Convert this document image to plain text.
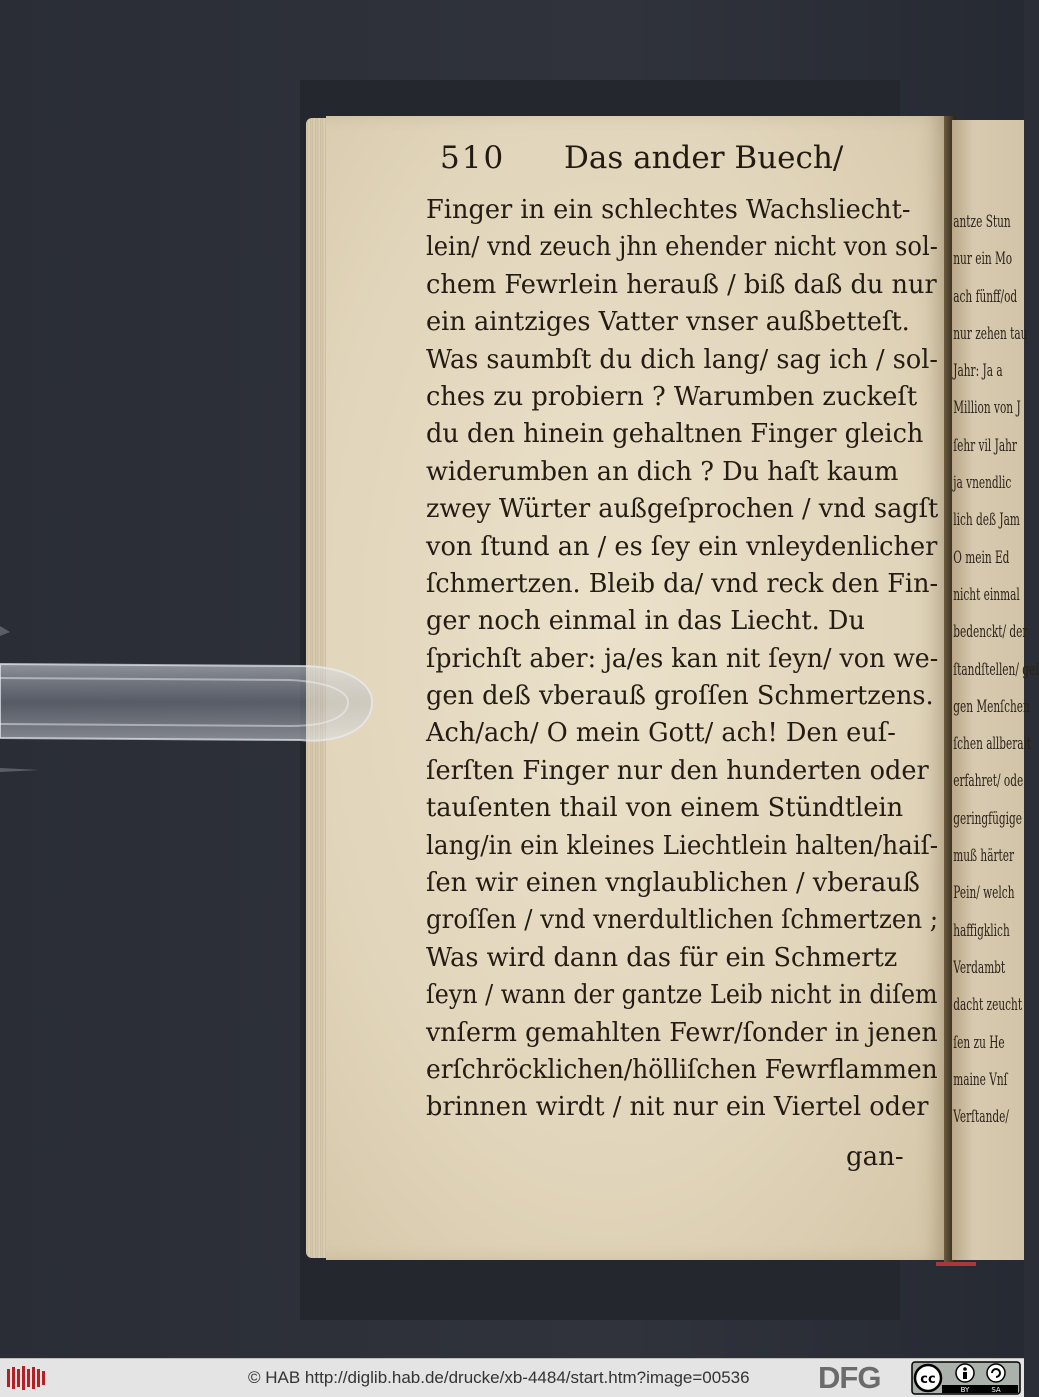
antze Stun
nur ein Mo
ach fünff/od
nur zehen tau
Jahr: Ja a
Million von J
ſehr vil Jahr
ja vnendlic
lich deß Jam
O mein Ed
nicht einmal
bedenckt/ der
ſtandſtellen/ geſ
gen Menſchen
ſchen allberait
erfahret/ ode
geringfügige
muß härter
Pein/ welch
haffigklich
Verdambt
dacht zeucht
ſen zu He
maine Vnſ
Verſtande/
510 Das ander Buech/
Finger in ein schlechtes Wachsliecht-
lein/ vnd zeuch jhn ehender nicht von sol-
chem Fewrlein herauß / biß daß du nur
ein aintziges Vatter vnser außbetteſt.
Was saumbſt du dich lang/ sag ich / sol-
ches zu probiern ? Warumben zuckeſt
du den hinein gehaltnen Finger gleich
widerumben an dich ? Du haſt kaum
zwey Würter außgeſprochen / vnd sagſt
von ſtund an / es ſey ein vnleydenlicher
ſchmertzen. Bleib da/ vnd reck den Fin-
ger noch einmal in das Liecht. Du
ſprichſt aber: ja/es kan nit ſeyn/ von we-
gen deß vberauß groſſen Schmertzens.
Ach/ach/ O mein Gott/ ach! Den euſ-
ſerſten Finger nur den hunderten oder
tauſenten thail von einem Stündtlein
lang/in ein kleines Liechtlein halten/haiſ-
ſen wir einen vnglaublichen / vberauß
groſſen / vnd vnerdultlichen ſchmertzen ;
Was wird dann das für ein Schmertz
ſeyn / wann der gantze Leib nicht in diſem
vnſerm gemahlten Fewr/ſonder in jenen
erſchröcklichen/hölliſchen Fewrflammen
brinnen wirdt / nit nur ein Viertel oder
gan-
© HAB http://diglib.hab.de/drucke/xb-4484/start.htm?image=00536 DFG	cc
BY	SA
